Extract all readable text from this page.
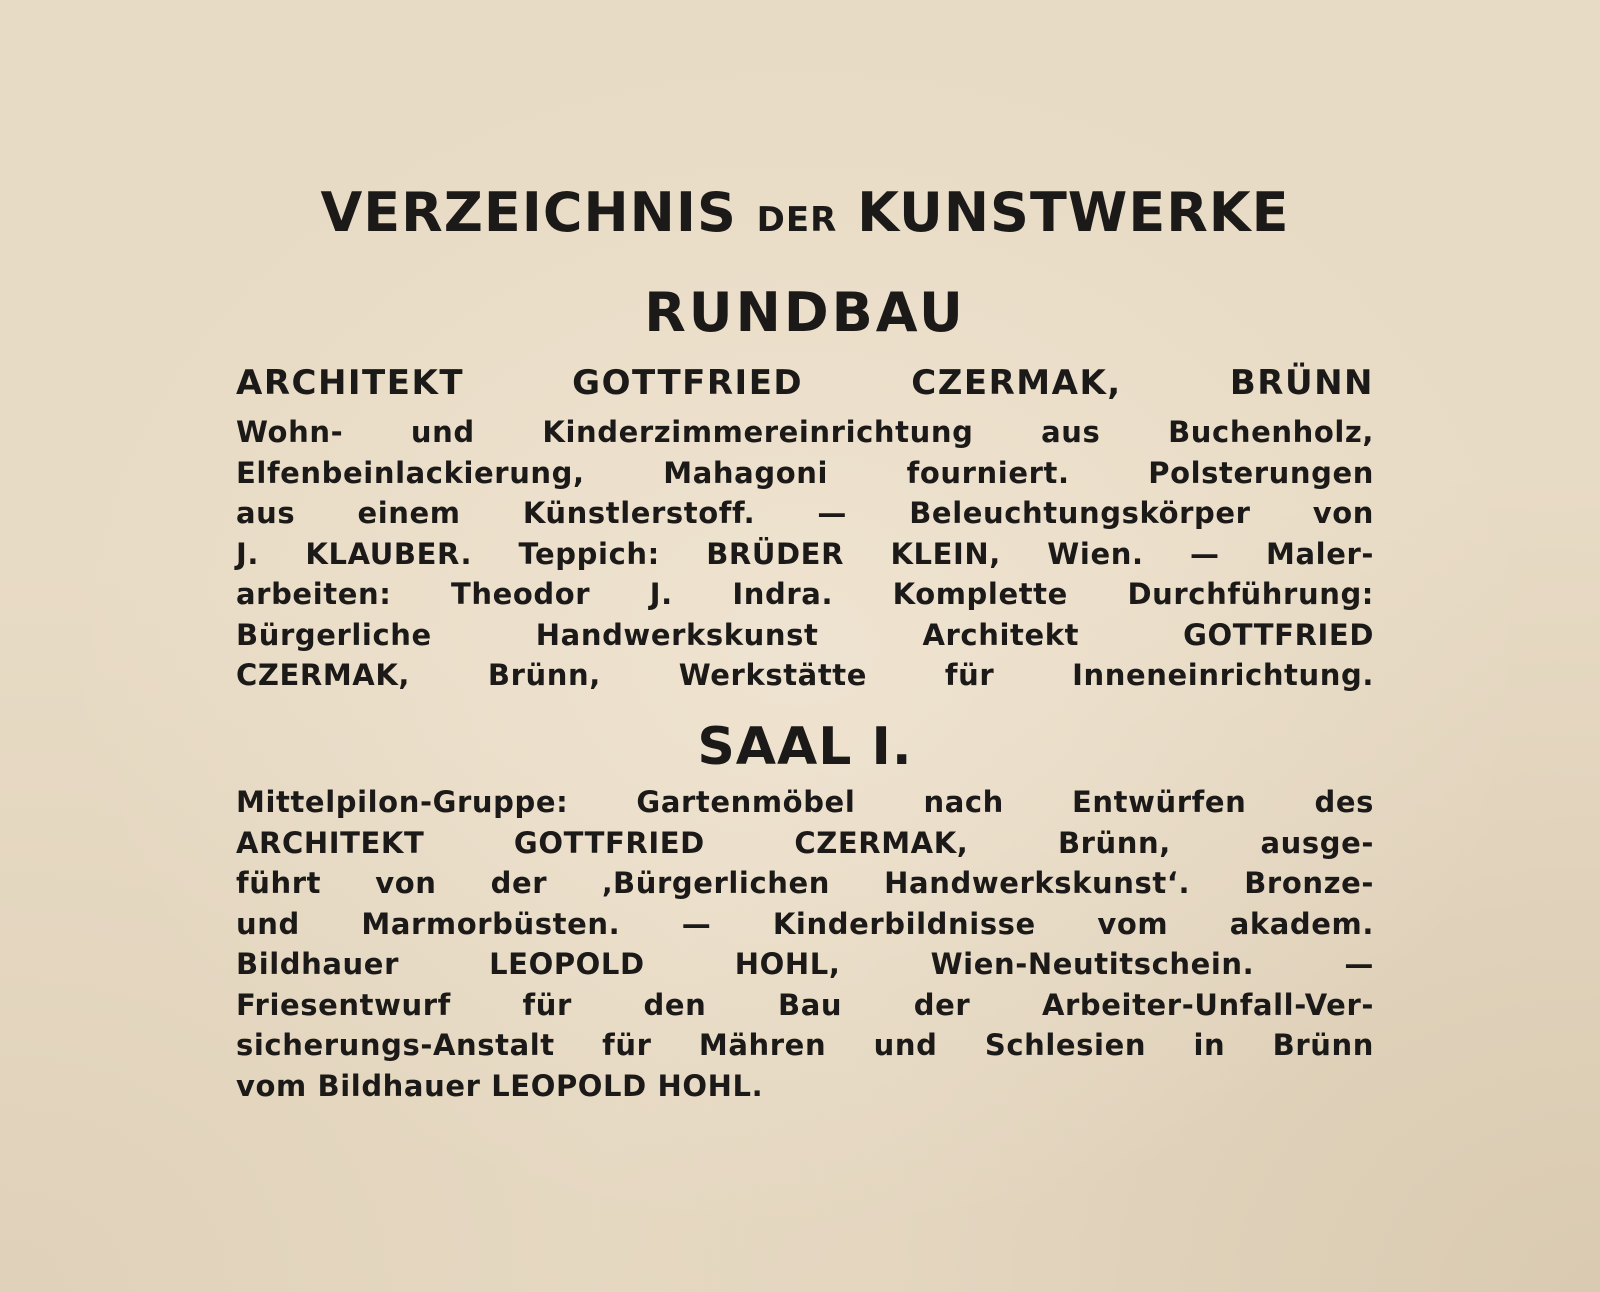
VERZEICHNIS DER KUNSTWERKE
RUNDBAU
ARCHITEKT GOTTFRIED CZERMAK, BRÜNN
Wohn- und Kinderzimmereinrichtung aus Buchenholz,
Elfenbeinlackierung, Mahagoni fourniert. Polsterungen
aus einem Künstlerstoff. — Beleuchtungskörper von
J. KLAUBER. Teppich: BRÜDER KLEIN, Wien. — Maler-
arbeiten: Theodor J. Indra. Komplette Durchführung:
Bürgerliche Handwerkskunst Architekt GOTTFRIED
CZERMAK, Brünn, Werkstätte für Inneneinrichtung.
SAAL I.
Mittelpilon-Gruppe: Gartenmöbel nach Entwürfen des
ARCHITEKT GOTTFRIED CZERMAK, Brünn, ausge-
führt von der ‚Bürgerlichen Handwerkskunst‘. Bronze-
und Marmorbüsten. — Kinderbildnisse vom akadem.
Bildhauer LEOPOLD HOHL, Wien-Neutitschein. —
Friesentwurf für den Bau der Arbeiter-Unfall-Ver-
sicherungs-Anstalt für Mähren und Schlesien in Brünn
vom Bildhauer LEOPOLD HOHL.
